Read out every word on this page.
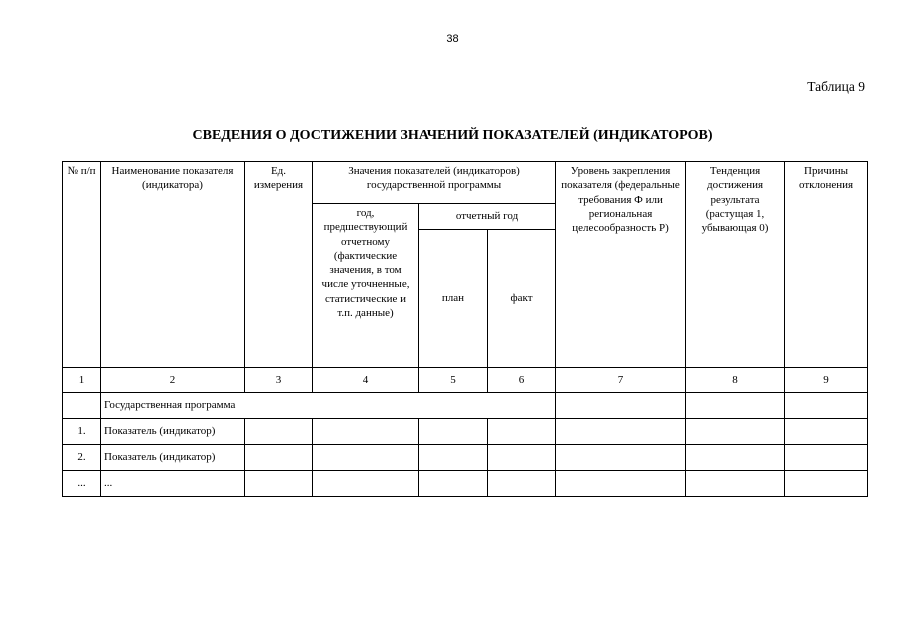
38
Таблица 9
СВЕДЕНИЯ О ДОСТИЖЕНИИ ЗНАЧЕНИЙ ПОКАЗАТЕЛЕЙ (ИНДИКАТОРОВ)
№ п/п	Наименование показателя (индикатора)	Ед. измерения	Значения показателей (индикаторов) государственной программы			Уровень закрепления показателя (федеральные требования Ф или региональная целесообразность Р)	Тенденция достижения результата (растущая 1, убывающая 0)	Причины отклонения
			год, предшествующий отчетному (фактические значения, в том числе уточненные, статистические и т.п. данные)	отчетный год				
				план	факт			
1	2	3	4	5	6	7	8	9
	Государственная программа							
1.	Показатель (индикатор)							
2.	Показатель (индикатор)							
...	...							
